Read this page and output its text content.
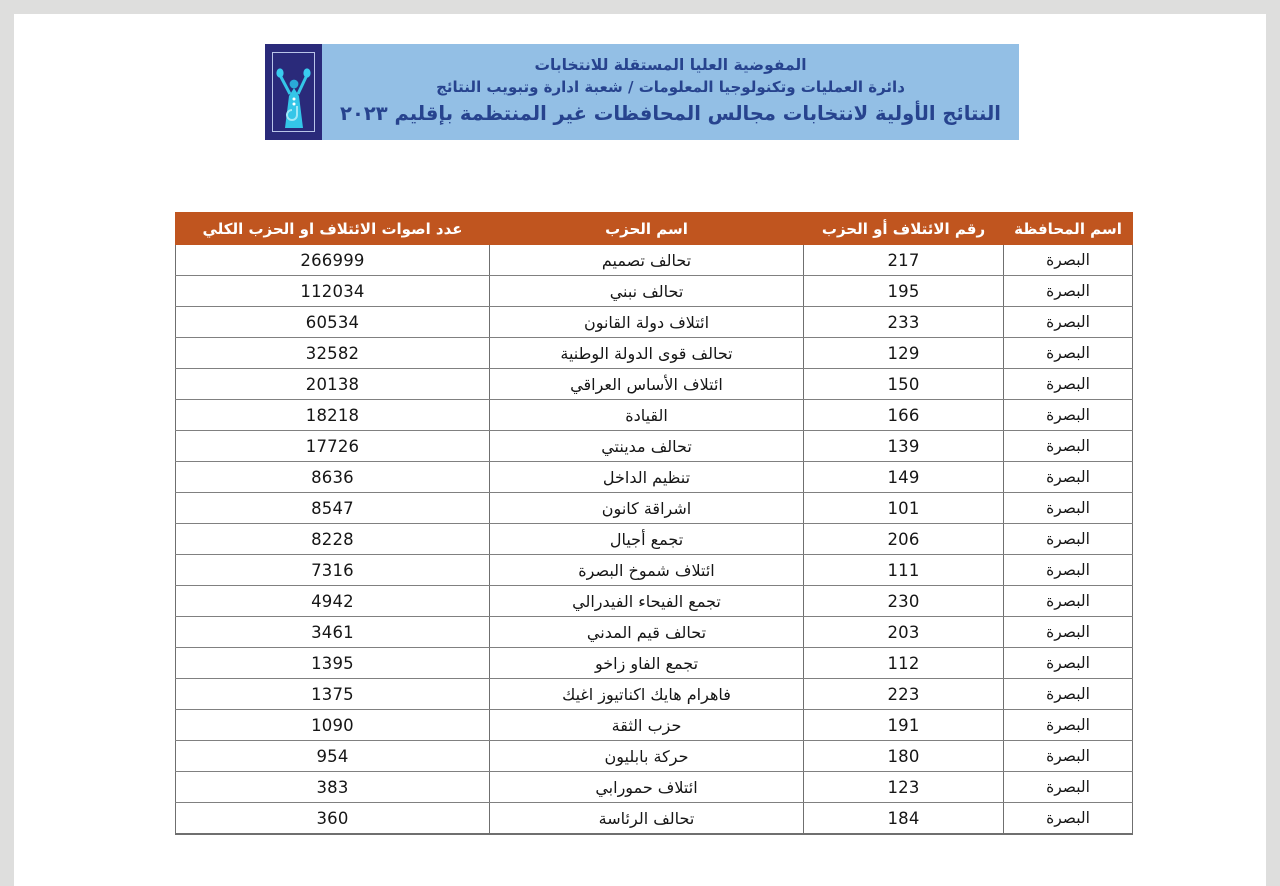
المفوضية العليا المستقلة للانتخابات
دائرة العمليات وتكنولوجيا المعلومات / شعبة ادارة وتبويب النتائج
النتائج الأولية لانتخابات مجالس المحافظات غير المنتظمة بإقليم ٢٠٢٣
اسم المحافظة	رقم الائتلاف أو الحزب	اسم الحزب	عدد اصوات الائتلاف او الحزب الكلي
البصرة	217	تحالف تصميم	266999
البصرة	195	تحالف نبني	112034
البصرة	233	ائتلاف دولة القانون	60534
البصرة	129	تحالف قوى الدولة الوطنية	32582
البصرة	150	ائتلاف الأساس العراقي	20138
البصرة	166	القيادة	18218
البصرة	139	تحالف مدينتي	17726
البصرة	149	تنظيم الداخل	8636
البصرة	101	اشراقة كانون	8547
البصرة	206	تجمع أجيال	8228
البصرة	111	ائتلاف شموخ البصرة	7316
البصرة	230	تجمع الفيحاء الفيدرالي	4942
البصرة	203	تحالف قيم المدني	3461
البصرة	112	تجمع الفاو زاخو	1395
البصرة	223	فاهرام هايك اكناتيوز اغيك	1375
البصرة	191	حزب الثقة	1090
البصرة	180	حركة بابليون	954
البصرة	123	ائتلاف حمورابي	383
البصرة	184	تحالف الرئاسة	360
